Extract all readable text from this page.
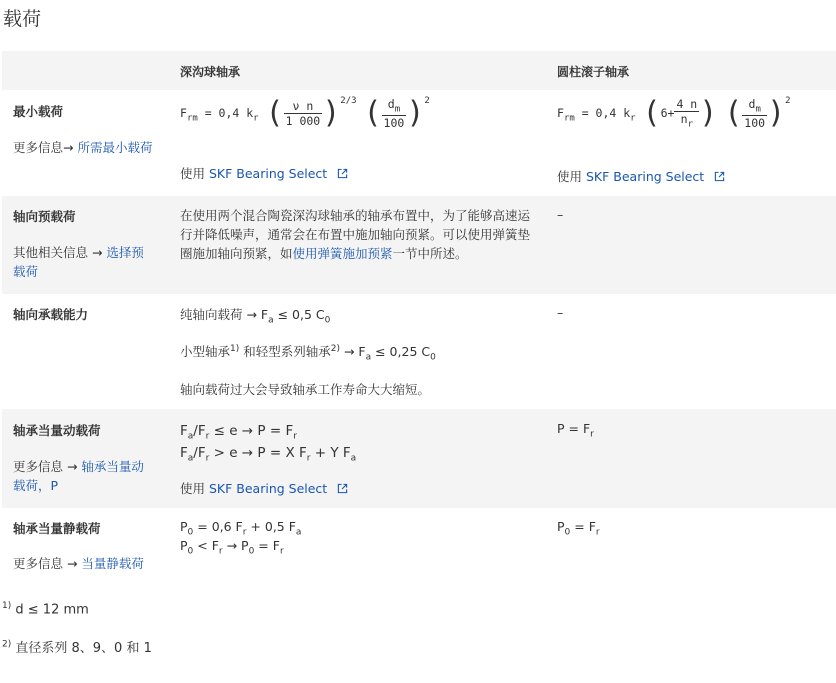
载荷
深沟球轴承	圆柱滚子轴承
最小载荷
更多信息→ 所需最小载荷
$F_{rm} = 0,4$ $k_r$ ( $\frac{\text{ν n}}{1 000} )^{2/3}$ ( $\frac{d_m}{100} )^2$
使用 SKF Bearing Select
$F_{rm} = 0,4$ $k_r$ ($6+ \frac{4 n}{n_r}$ ) ( $\frac{d_m}{100} )^2$
使用 SKF Bearing Select
轴向预载荷
其他相关信息 → 选择预载荷
在使用两个混合陶瓷深沟球轴承的轴承布置中，为了能够高速运行并降低噪声，通常会在布置中施加轴向预紧。可以使用弹簧垫圈施加轴向预紧，如使用弹簧施加预紧一节中所述。
–
轴向承载能力	纯轴向载荷 → $F_a \le 0,5$ $C_0$
小型轴承$^{1)}$ 和轻型系列轴承$^{2)} \to F_a \le 0,25$ $C_0$
轴向载荷过大会导致轴承工作寿命大大缩短。
–
轴承当量动载荷
更多信息 → 轴承当量动载荷，P
$F_a/F_r \le e \to P = F_r$
$F_a/F_r > e \to P = X$ $F_r + Y$ $F_a$
使用 SKF Bearing Select
$P = F_r$
轴承当量静载荷
更多信息 → 当量静载荷
$P_0 = 0,6$ $F_r + 0,5$ $F_a$
$P_0 < F_r \to P_0 = F_r$
$P_0 = F_r$
$^{1)}$ d ≤ 12 mm
$^{2)}$ 直径系列 8、9、0 和 1
